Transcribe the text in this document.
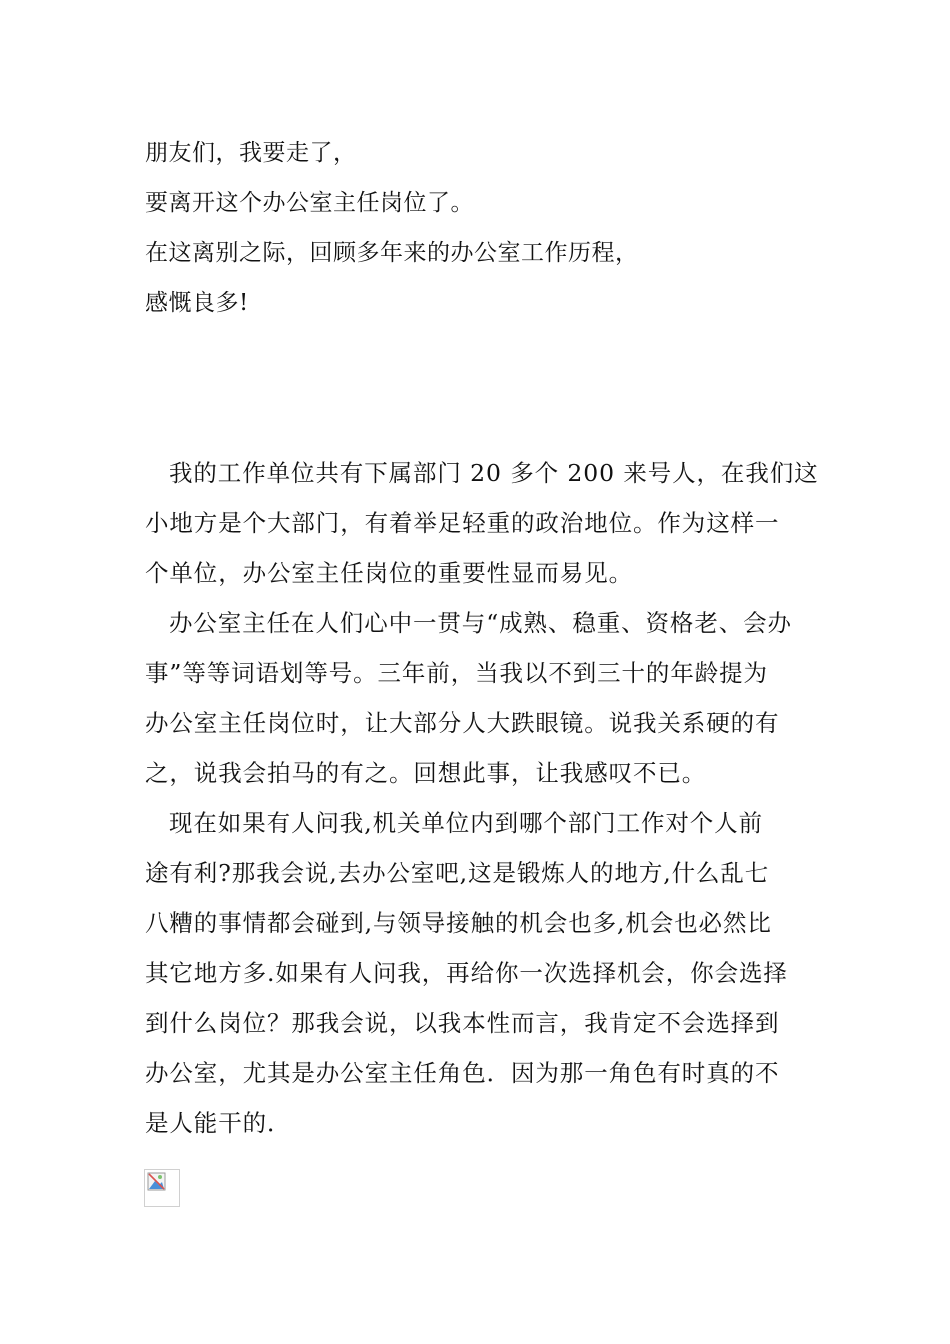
朋友们，我要走了，
要离开这个办公室主任岗位了。
在这离别之际，回顾多年来的办公室工作历程，
感慨良多!
我的工作单位共有下属部门 20 多个 200 来号人，在我们这
小地方是个大部门，有着举足轻重的政治地位。作为这样一
个单位，办公室主任岗位的重要性显而易见。
办公室主任在人们心中一贯与“成熟、稳重、资格老、会办
事”等等词语划等号。三年前，当我以不到三十的年龄提为
办公室主任岗位时，让大部分人大跌眼镜。说我关系硬的有
之，说我会拍马的有之。回想此事，让我感叹不已。
现在如果有人问我,机关单位内到哪个部门工作对个人前
途有利?那我会说,去办公室吧,这是锻炼人的地方,什么乱七
八糟的事情都会碰到,与领导接触的机会也多,机会也必然比
其它地方多.如果有人问我，再给你一次选择机会，你会选择
到什么岗位？那我会说，以我本性而言，我肯定不会选择到
办公室，尤其是办公室主任角色．因为那一角色有时真的不
是人能干的．
